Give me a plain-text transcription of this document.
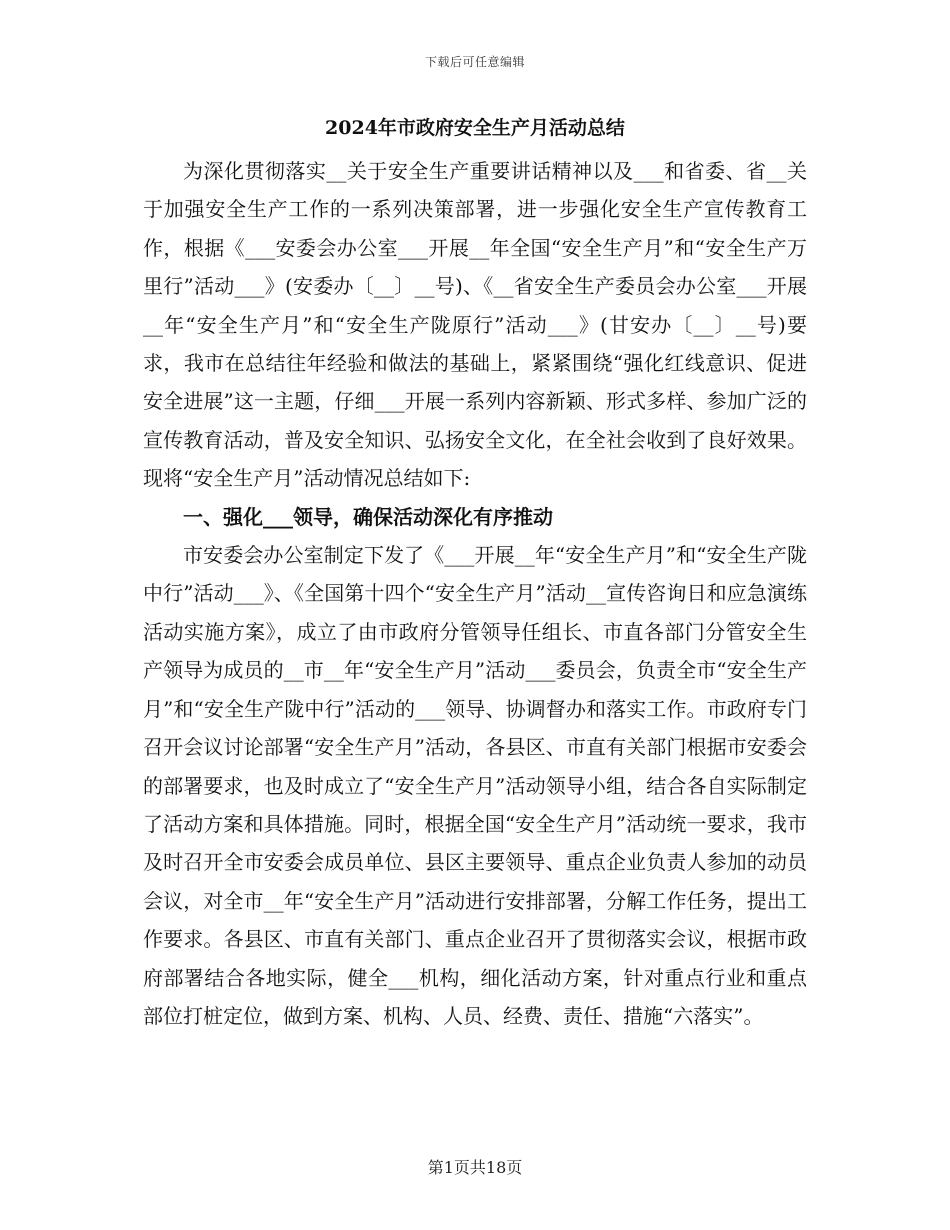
下载后可任意编辑
2024年市政府安全生产月活动总结

为深化贯彻落实__关于安全生产重要讲话精神以及___和省委、省__关于加强安全生产工作的一系列决策部署，进一步强化安全生产宣传教育工作，根据《___安委会办公室___开展__年全国“安全生产月”和“安全生产万里行”活动___》(安委办〔__〕__号)、《__省安全生产委员会办公室___开展__年“安全生产月”和“安全生产陇原行”活动___》(甘安办〔__〕__号)要求，我市在总结往年经验和做法的基础上，紧紧围绕“强化红线意识、促进安全进展”这一主题，仔细___开展一系列内容新颖、形式多样、参加广泛的宣传教育活动，普及安全知识、弘扬安全文化，在全社会收到了良好效果。现将“安全生产月”活动情况总结如下:

一、强化___领导，确保活动深化有序推动

市安委会办公室制定下发了《___开展__年“安全生产月”和“安全生产陇中行”活动___》、《全国第十四个“安全生产月”活动__宣传咨询日和应急演练活动实施方案》，成立了由市政府分管领导任组长、市直各部门分管安全生产领导为成员的__市__年“安全生产月”活动___委员会，负责全市“安全生产月”和“安全生产陇中行”活动的___领导、协调督办和落实工作。市政府专门召开会议讨论部署“安全生产月”活动，各县区、市直有关部门根据市安委会的部署要求，也及时成立了“安全生产月”活动领导小组，结合各自实际制定了活动方案和具体措施。同时，根据全国“安全生产月”活动统一要求，我市及时召开全市安委会成员单位、县区主要领导、重点企业负责人参加的动员会议，对全市__年“安全生产月”活动进行安排部署，分解工作任务，提出工作要求。各县区、市直有关部门、重点企业召开了贯彻落实会议，根据市政府部署结合各地实际，健全___机构，细化活动方案，针对重点行业和重点部位打桩定位，做到方案、机构、人员、经费、责任、措施“六落实”。

第1页共18页
